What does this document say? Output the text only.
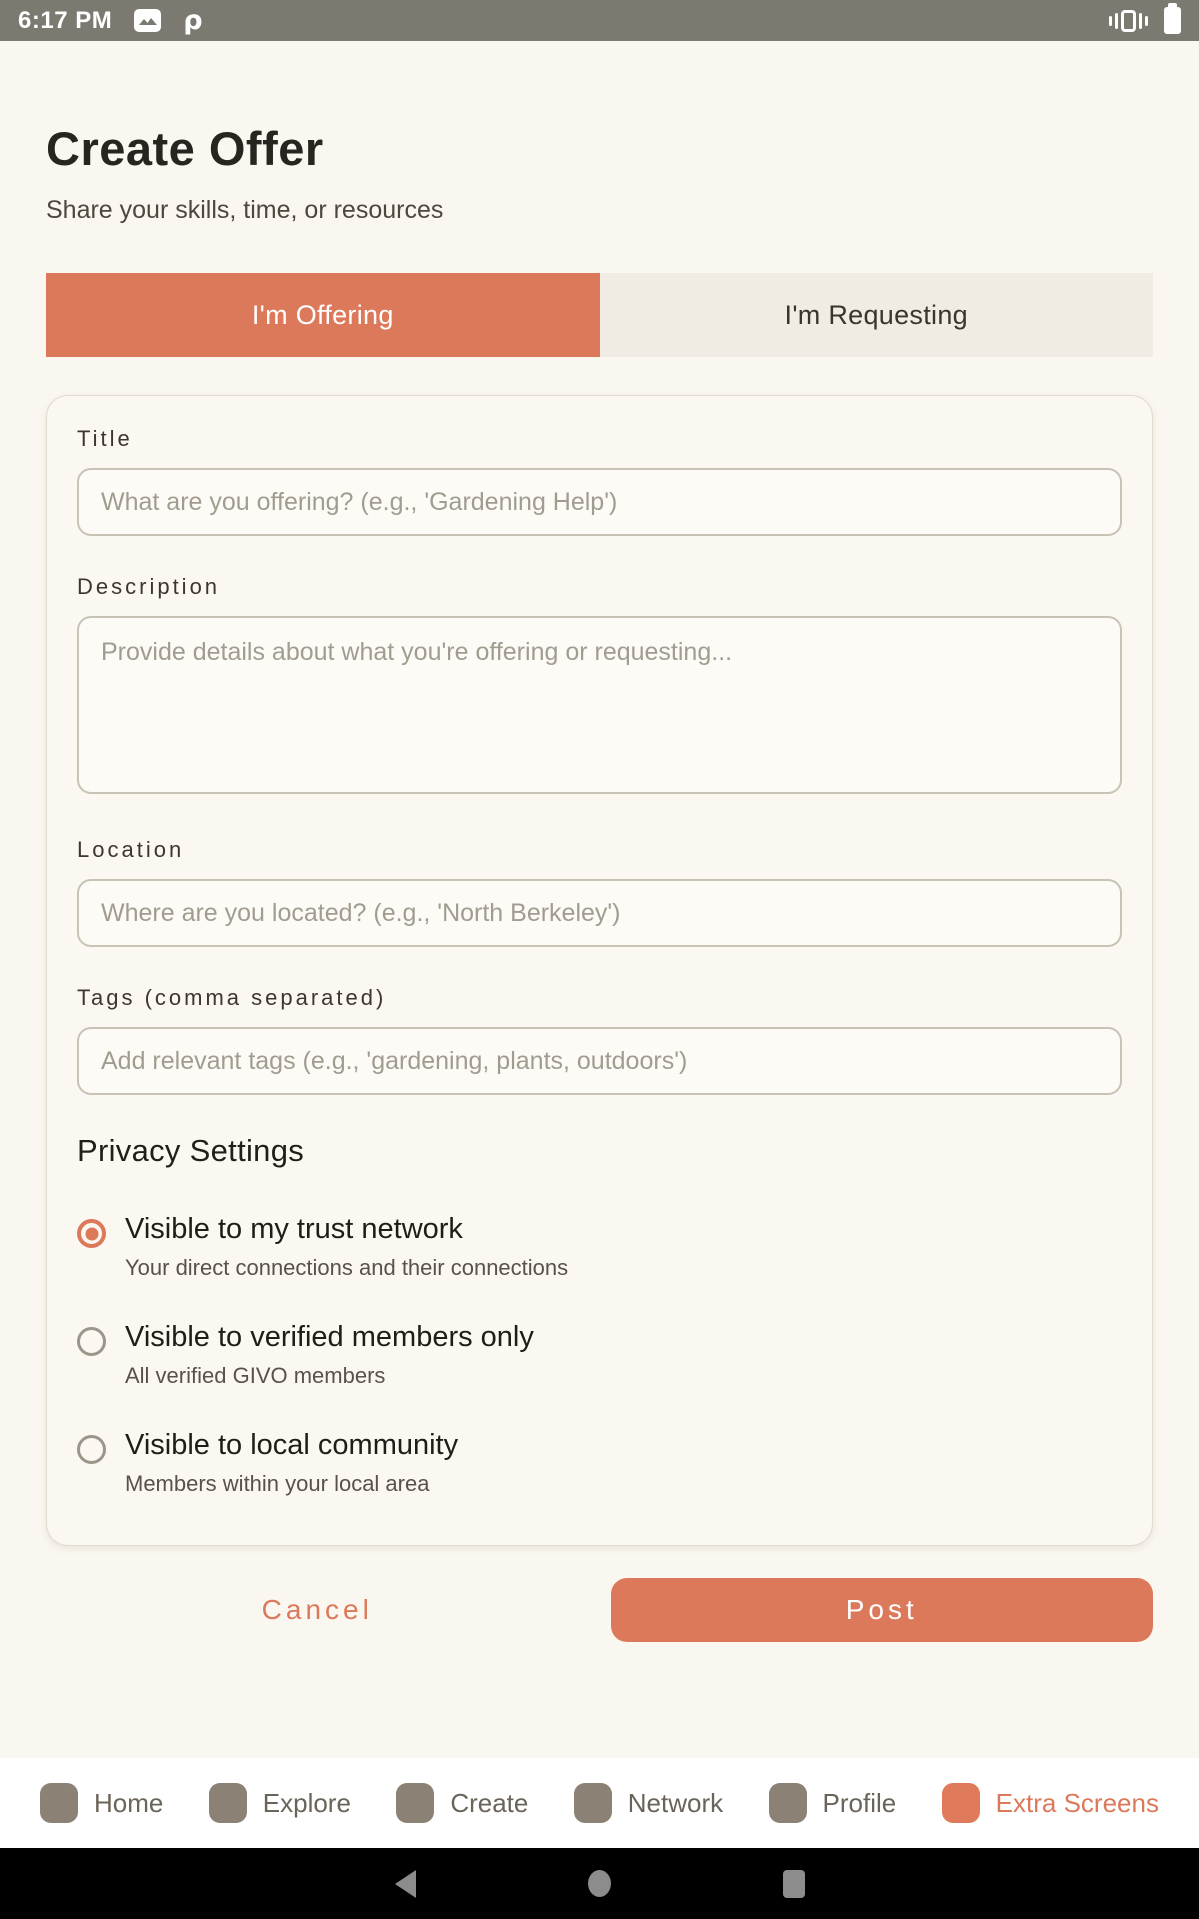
6:17 PM	ρ
Create Offer

Share your skills, time, or resources

I'm Offering	I'm Requesting
Title
What are you offering? (e.g., 'Gardening Help')
Description
Provide details about what you're offering or requesting...
Location
Where are you located? (e.g., 'North Berkeley')
Tags (comma separated)
Add relevant tags (e.g., 'gardening, plants, outdoors')
Privacy Settings
Visible to my trust network
Your direct connections and their connections
Visible to verified members only
All verified GIVO members
Visible to local community
Members within your local area
Cancel	Post
Home	Explore	Create	Network	Profile	Extra Screens
